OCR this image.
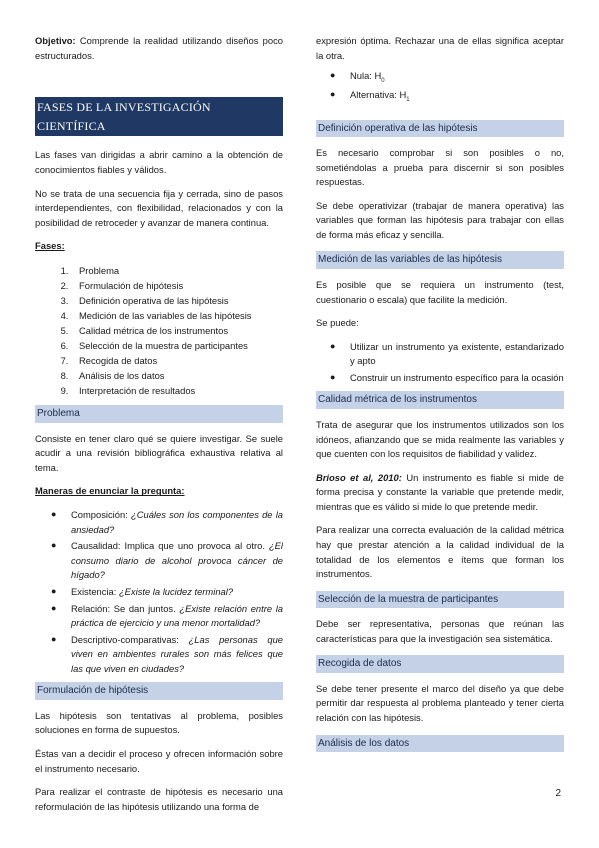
Objetivo: Comprende la realidad utilizando diseños poco estructurados.

FASES DE LA INVESTIGACIÓN CIENTÍFICA

Las fases van dirigidas a abrir camino a la obtención de conocimientos fiables y válidos.

No se trata de una secuencia fija y cerrada, sino de pasos interdependientes, con flexibilidad, relacionados y con la posibilidad de retroceder y avanzar de manera continua.

Fases:
1. Problema
2. Formulación de hipótesis
3. Definición operativa de las hipótesis
4. Medición de las variables de las hipótesis
5. Calidad métrica de los instrumentos
6. Selección de la muestra de participantes
7. Recogida de datos
8. Análisis de los datos
9. Interpretación de resultados
Problema

Consiste en tener claro qué se quiere investigar. Se suele acudir a una revisión bibliográfica exhaustiva relativa al tema.

Maneras de enunciar la pregunta:
● Composición: ¿Cuáles son los componentes de la ansiedad?
● Causalidad: Implica que uno provoca al otro. ¿El consumo diario de alcohol provoca cáncer de hígado?
● Existencia: ¿Existe la lucidez terminal?
● Relación: Se dan juntos. ¿Existe relación entre la práctica de ejercicio y una menor mortalidad?
● Descriptivo-comparativas: ¿Las personas que viven en ambientes rurales son más felices que las que viven en ciudades?
Formulación de hipótesis

Las hipótesis son tentativas al problema, posibles soluciones en forma de supuestos.

Éstas van a decidir el proceso y ofrecen información sobre el instrumento necesario.

Para realizar el contraste de hipótesis es necesario una reformulación de las hipótesis utilizando una forma de

expresión óptima. Rechazar una de ellas significa aceptar la otra.

● Nula: $H_0$
● Alternativa: $H_1$
Definición operativa de las hipótesis

Es necesario comprobar si son posibles o no, sometiéndolas a prueba para discernir si son posibles respuestas.

Se debe operativizar (trabajar de manera operativa) las variables que forman las hipótesis para trabajar con ellas de forma más eficaz y sencilla.

Medición de las variables de las hipótesis

Es posible que se requiera un instrumento (test, cuestionario o escala) que facilite la medición.

Se puede:

● Utilizar un instrumento ya existente, estandarizado y apto
● Construir un instrumento específico para la ocasión
Calidad métrica de los instrumentos

Trata de asegurar que los instrumentos utilizados son los idóneos, afianzando que se mida realmente las variables y que cuenten con los requisitos de fiabilidad y validez.

Brioso et al, 2010: Un instrumento es fiable si mide de forma precisa y constante la variable que pretende medir, mientras que es válido si mide lo que pretende medir.

Para realizar una correcta evaluación de la calidad métrica hay que prestar atención a la calidad individual de la totalidad de los elementos e ítems que forman los instrumentos.

Selección de la muestra de participantes

Debe ser representativa, personas que reúnan las características para que la investigación sea sistemática.

Recogida de datos

Se debe tener presente el marco del diseño ya que debe permitir dar respuesta al problema planteado y tener cierta relación con las hipótesis.

Análisis de los datos
2
